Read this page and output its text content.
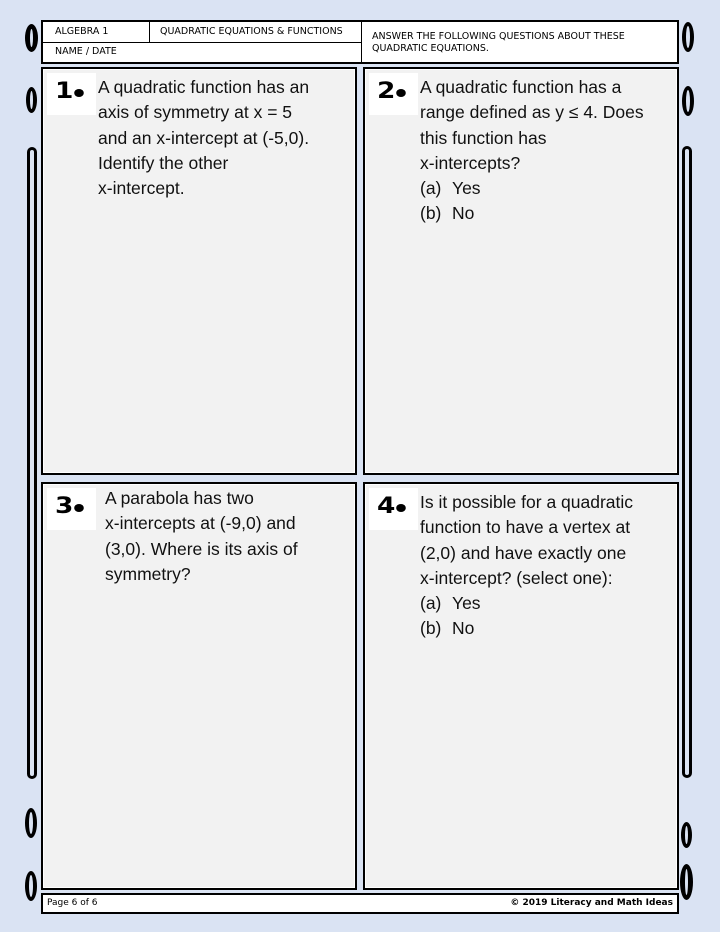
ALGEBRA 1	QUADRATIC EQUATIONS & FUNCTIONS
NAME / DATE
ANSWER THE FOLLOWING QUESTIONS ABOUT THESE QUADRATIC EQUATIONS.
1	A quadratic function has an
axis of symmetry at x = 5
and an x-intercept at (-5,0).
Identify the other
x-intercept.
2	A quadratic function has a
range defined as y ≤ 4. Does
this function has
x-intercepts?
(a) Yes
(b) No
3	A parabola has two
x-intercepts at (-9,0) and
(3,0). Where is its axis of
symmetry?
4	Is it possible for a quadratic
function to have a vertex at
(2,0) and have exactly one
x-intercept? (select one):
(a) Yes
(b) No
Page 6 of 6	© 2019 Literacy and Math Ideas
